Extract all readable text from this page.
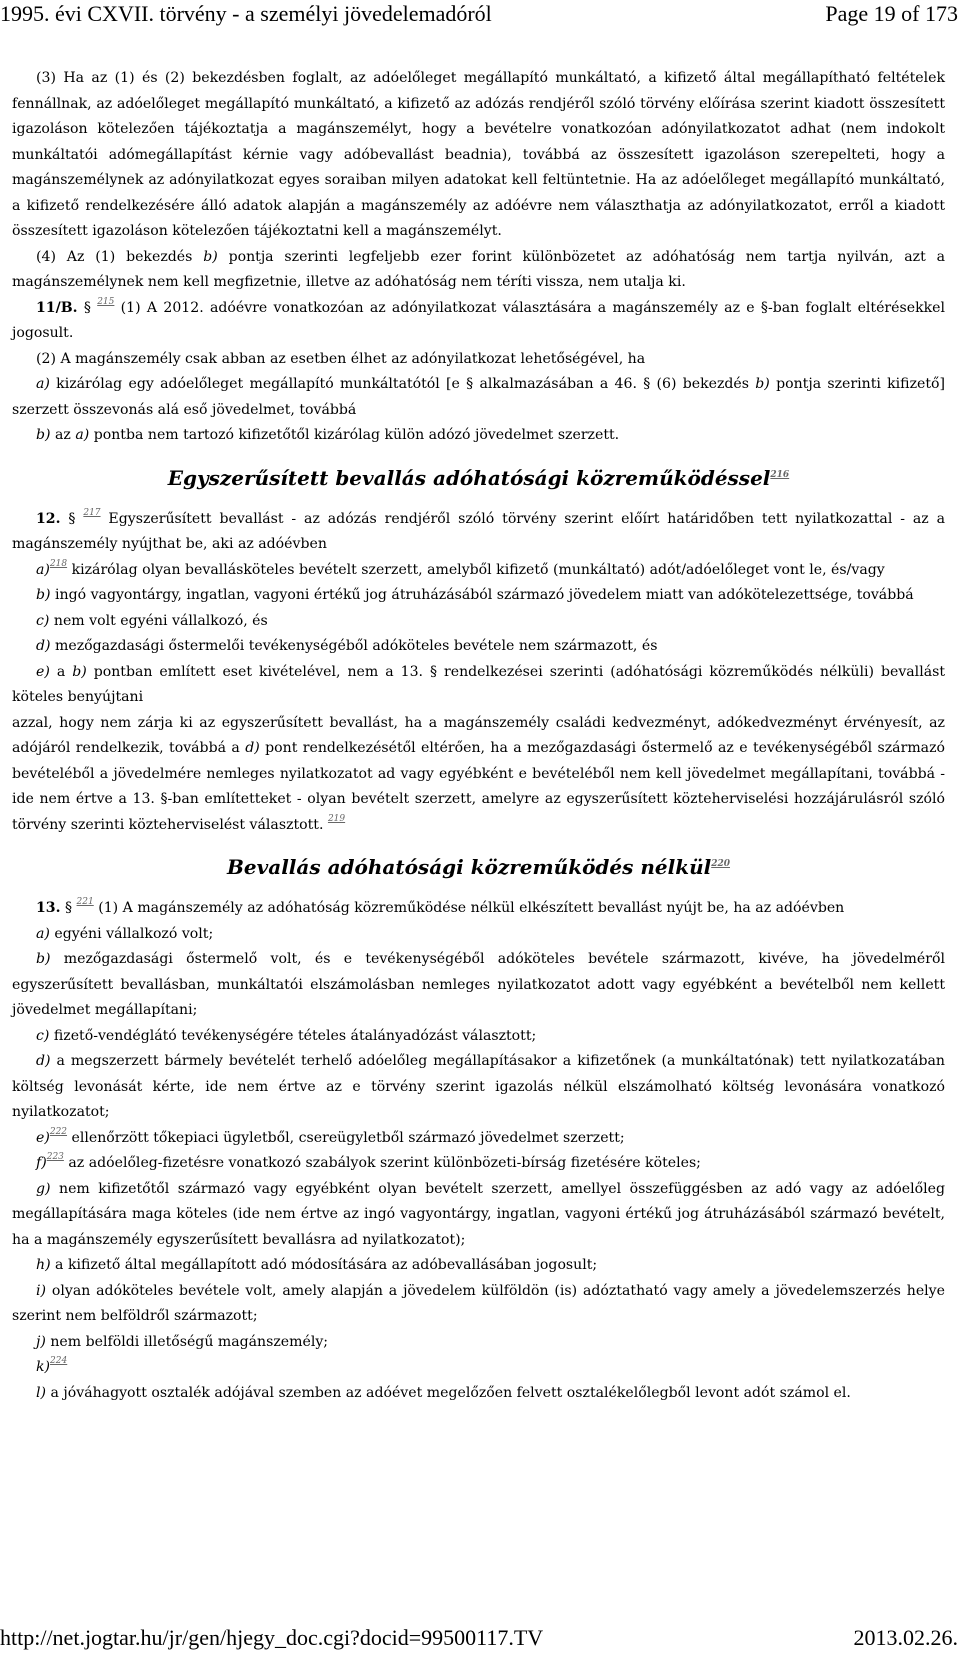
1995. évi CXVII. törvény - a személyi jövedelemadóról	Page 19 of 173

(3) Ha az (1) és (2) bekezdésben foglalt, az adóelőleget megállapító munkáltató, a kifizető által megállapítható feltételek fennállnak, az adóelőleget megállapító munkáltató, a kifizető az adózás rendjéről szóló törvény előírása szerint kiadott összesített igazoláson kötelezően tájékoztatja a magánszemélyt, hogy a bevételre vonatkozóan adónyilatkozatot adhat (nem indokolt munkáltatói adómegállapítást kérnie vagy adóbevallást beadnia), továbbá az összesített igazoláson szerepelteti, hogy a magánszemélynek az adónyilatkozat egyes soraiban milyen adatokat kell feltüntetnie. Ha az adóelőleget megállapító munkáltató, a kifizető rendelkezésére álló adatok alapján a magánszemély az adóévre nem választhatja az adónyilatkozatot, erről a kiadott összesített igazoláson kötelezően tájékoztatni kell a magánszemélyt.

(4) Az (1) bekezdés b) pontja szerinti legfeljebb ezer forint különbözetet az adóhatóság nem tartja nyilván, azt a magánszemélynek nem kell megfizetnie, illetve az adóhatóság nem téríti vissza, nem utalja ki.

11/B. § $^{215}$ (1) A 2012. adóévre vonatkozóan az adónyilatkozat választására a magánszemély az e §-ban foglalt eltérésekkel jogosult.

(2) A magánszemély csak abban az esetben élhet az adónyilatkozat lehetőségével, ha

a) kizárólag egy adóelőleget megállapító munkáltatótól [e § alkalmazásában a 46. § (6) bekezdés b) pontja szerinti kifizető] szerzett összevonás alá eső jövedelmet, továbbá

b) az a) pontba nem tartozó kifizetőtől kizárólag külön adózó jövedelmet szerzett.

Egyszerűsített bevallás adóhatósági közreműködéssel$^{216}$

12. § $^{217}$ Egyszerűsített bevallást - az adózás rendjéről szóló törvény szerint előírt határidőben tett nyilatkozattal - az a magánszemély nyújthat be, aki az adóévben

a)$^{218}$ kizárólag olyan bevallásköteles bevételt szerzett, amelyből kifizető (munkáltató) adót/adóelőleget vont le, és/vagy

b) ingó vagyontárgy, ingatlan, vagyoni értékű jog átruházásából származó jövedelem miatt van adókötelezettsége, továbbá

c) nem volt egyéni vállalkozó, és

d) mezőgazdasági őstermelői tevékenységéből adóköteles bevétele nem származott, és

e) a b) pontban említett eset kivételével, nem a 13. § rendelkezései szerinti (adóhatósági közreműködés nélküli) bevallást köteles benyújtani

azzal, hogy nem zárja ki az egyszerűsített bevallást, ha a magánszemély családi kedvezményt, adókedvezményt érvényesít, az adójáról rendelkezik, továbbá a d) pont rendelkezésétől eltérően, ha a mezőgazdasági őstermelő az e tevékenységéből származó bevételéből a jövedelmére nemleges nyilatkozatot ad vagy egyébként e bevételéből nem kell jövedelmet megállapítani, továbbá - ide nem értve a 13. §-ban említetteket - olyan bevételt szerzett, amelyre az egyszerűsített közteherviselési hozzájárulásról szóló törvény szerinti közteherviselést választott. $^{219}$

Bevallás adóhatósági közreműködés nélkül$^{220}$

13. § $^{221}$ (1) A magánszemély az adóhatóság közreműködése nélkül elkészített bevallást nyújt be, ha az adóévben

a) egyéni vállalkozó volt;

b) mezőgazdasági őstermelő volt, és e tevékenységéből adóköteles bevétele származott, kivéve, ha jövedelméről egyszerűsített bevallásban, munkáltatói elszámolásban nemleges nyilatkozatot adott vagy egyébként a bevételből nem kellett jövedelmet megállapítani;

c) fizető-vendéglátó tevékenységére tételes átalányadózást választott;

d) a megszerzett bármely bevételét terhelő adóelőleg megállapításakor a kifizetőnek (a munkáltatónak) tett nyilatkozatában költség levonását kérte, ide nem értve az e törvény szerint igazolás nélkül elszámolható költség levonására vonatkozó nyilatkozatot;

e)$^{222}$ ellenőrzött tőkepiaci ügyletből, csereügyletből származó jövedelmet szerzett;

f)$^{223}$ az adóelőleg-fizetésre vonatkozó szabályok szerint különbözeti-bírság fizetésére köteles;

g) nem kifizetőtől származó vagy egyébként olyan bevételt szerzett, amellyel összefüggésben az adó vagy az adóelőleg megállapítására maga köteles (ide nem értve az ingó vagyontárgy, ingatlan, vagyoni értékű jog átruházásából származó bevételt, ha a magánszemély egyszerűsített bevallásra ad nyilatkozatot);

h) a kifizető által megállapított adó módosítására az adóbevallásában jogosult;

i) olyan adóköteles bevétele volt, amely alapján a jövedelem külföldön (is) adóztatható vagy amely a jövedelemszerzés helye szerint nem belföldről származott;

j) nem belföldi illetőségű magánszemély;

k)$^{224}$

l) a jóváhagyott osztalék adójával szemben az adóévet megelőzően felvett osztalékelőlegből levont adót számol el.

http://net.jogtar.hu/jr/gen/hjegy_doc.cgi?docid=99500117.TV	2013.02.26.
